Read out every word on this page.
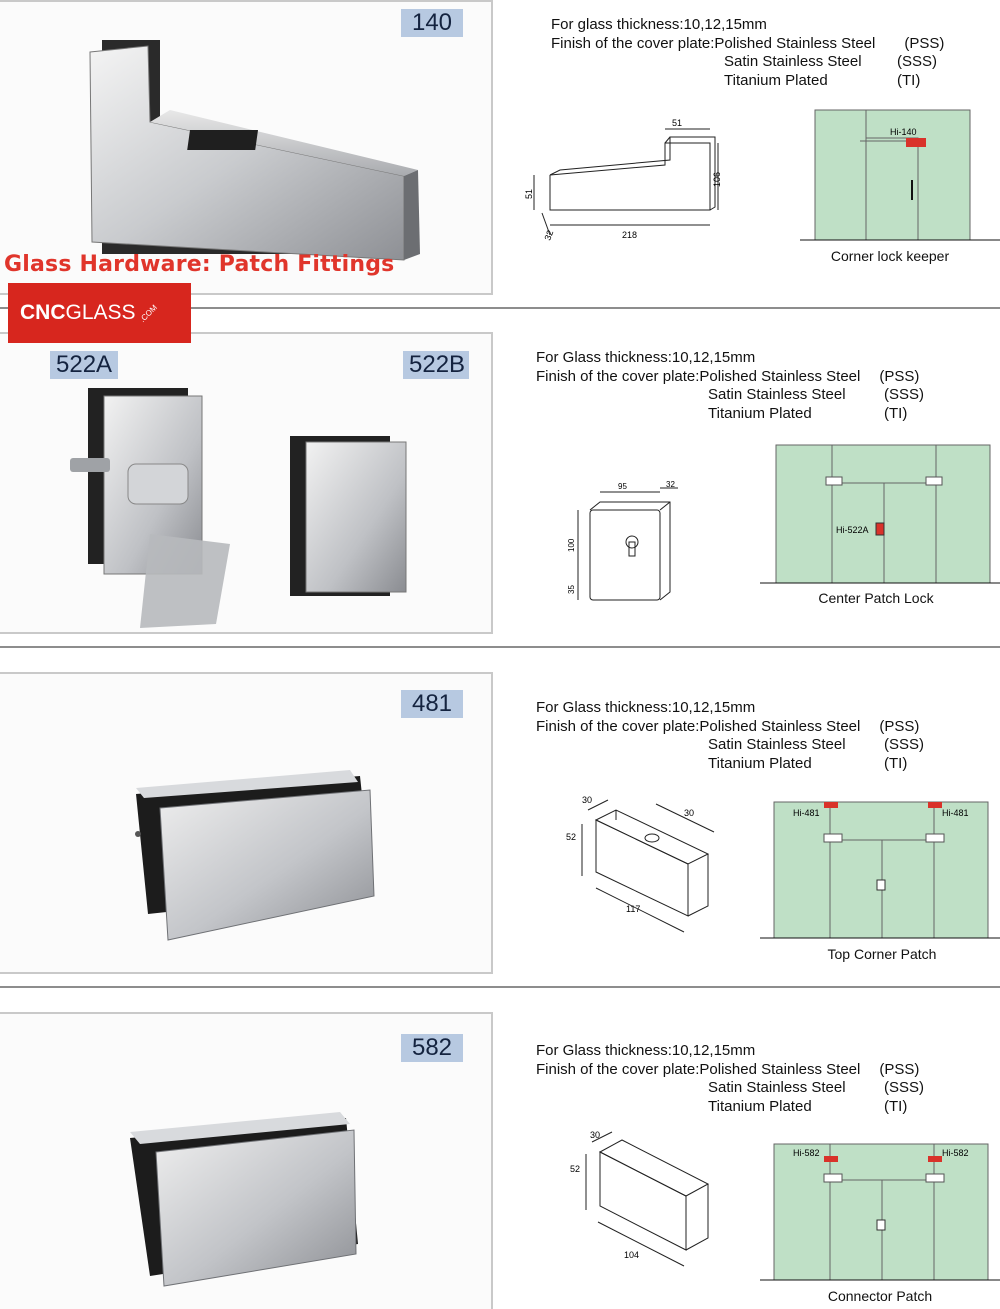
140	For glass thickness:10,12,15mm
Finish of the cover plate: Polished Stainless Steel	(PSS)
Satin Stainless Steel	(SSS)
Titanium Plated	(TI)
51
106
51
218
32
Hi-140
Corner lock keeper
Glass Hardware: Patch Fittings
CNC GLASS .COM
522A	522B	For Glass thickness:10,12,15mm
Finish of the cover plate: Polished Stainless Steel	(PSS)
Satin Stainless Steel	(SSS)
Titanium Plated	(TI)
95	32
100
35
Hi-522A
Center Patch Lock
481	For Glass thickness:10,12,15mm
Finish of the cover plate: Polished Stainless Steel	(PSS)
Satin Stainless Steel	(SSS)
Titanium Plated	(TI)
30
30
52
117
Hi-481	Hi-481
Top Corner Patch
582	For Glass thickness:10,12,15mm
Finish of the cover plate: Polished Stainless Steel	(PSS)
Satin Stainless Steel	(SSS)
Titanium Plated	(TI)
30
52
104
Hi-582	Hi-582
Connector Patch
